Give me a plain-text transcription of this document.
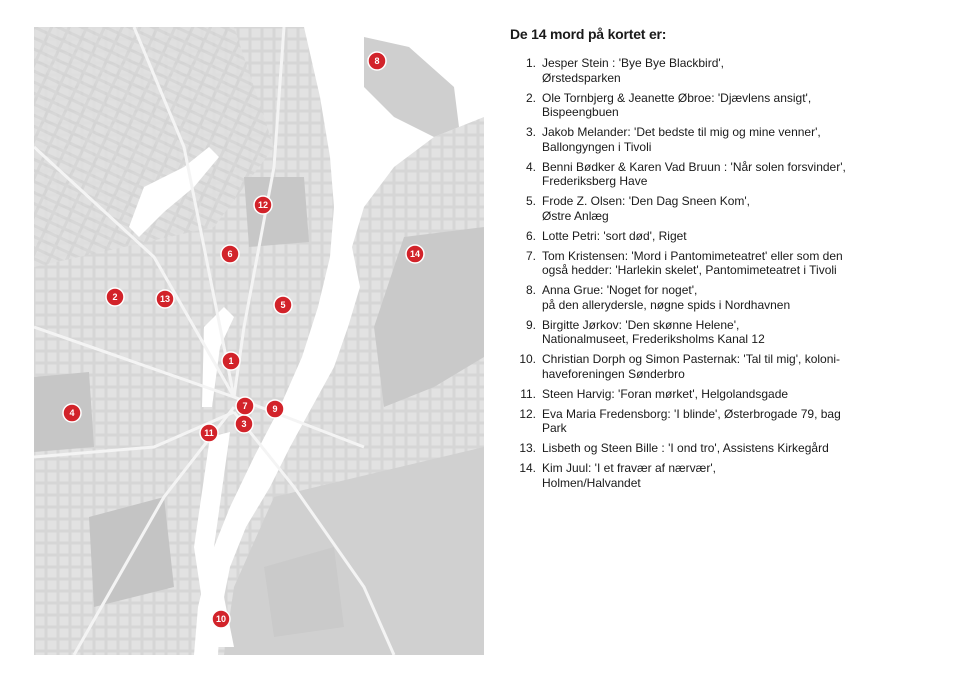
1
2
3
4
5
6
7
8
9
10
11
12
13
14
De 14 mord på kortet er:
1. Jesper Stein : 'Bye Bye Blackbird',
Ørstedsparken
2. Ole Tornbjerg & Jeanette Øbroe: 'Djævlens ansigt',
Bispeengbuen
3. Jakob Melander: 'Det bedste til mig og mine venner',
Ballongyngen i Tivoli
4. Benni Bødker & Karen Vad Bruun : 'Når solen forsvinder',
Frederiksberg Have
5. Frode Z. Olsen: 'Den Dag Sneen Kom',
Østre Anlæg
6. Lotte Petri: 'sort død', Riget
7. Tom Kristensen: 'Mord i Pantomimeteatret' eller som den
også hedder: 'Harlekin skelet', Pantomimeteatret i Tivoli
8. Anna Grue: 'Noget for noget',
på den allerydersle, nøgne spids i Nordhavnen
9. Birgitte Jørkov: 'Den skønne Helene',
Nationalmuseet, Frederiksholms Kanal 12
10. Christian Dorph og Simon Pasternak: 'Tal til mig', koloni-
haveforeningen Sønderbro
11. Steen Harvig: 'Foran mørket', Helgolandsgade
12. Eva Maria Fredensborg: 'I blinde', Østerbrogade 79, bag
Park
13. Lisbeth og Steen Bille : 'I ond tro', Assistens Kirkegård
14. Kim Juul: 'I et fravær af nærvær',
Holmen/Halvandet
